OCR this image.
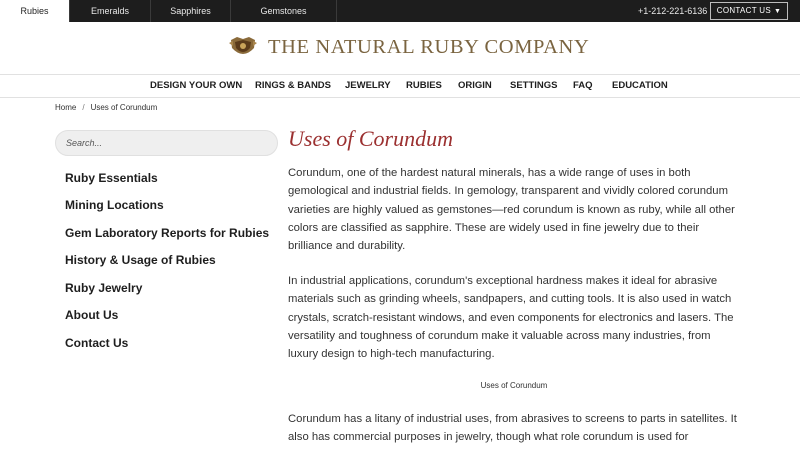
Rubies	Emeralds	Sapphires	Gemstones	+1-212-221-6136	CONTACT US ▼
THE NATURAL RUBY COMPANY
DESIGN YOUR OWN RINGS & BANDS JEWELRY RUBIES ORIGIN SETTINGS FAQ EDUCATION
Home / Uses of Corundum
Search...
Ruby Essentials
Mining Locations
Gem Laboratory Reports for Rubies
History & Usage of Rubies
Ruby Jewelry
About Us
Contact Us
Uses of Corundum
Corundum, one of the hardest natural minerals, has a wide range of uses in both gemological and industrial fields. In gemology, transparent and vividly colored corundum varieties are highly valued as gemstones—red corundum is known as ruby, while all other colors are classified as sapphire. These are widely used in fine jewelry due to their brilliance and durability.
In industrial applications, corundum's exceptional hardness makes it ideal for abrasive materials such as grinding wheels, sandpapers, and cutting tools. It is also used in watch crystals, scratch-resistant windows, and even components for electronics and lasers. The versatility and toughness of corundum make it valuable across many industries, from luxury design to high-tech manufacturing.
Uses of Corundum
Corundum has a litany of industrial uses, from abrasives to screens to parts in satellites. It also has commercial purposes in jewelry, though what role corundum is used for
